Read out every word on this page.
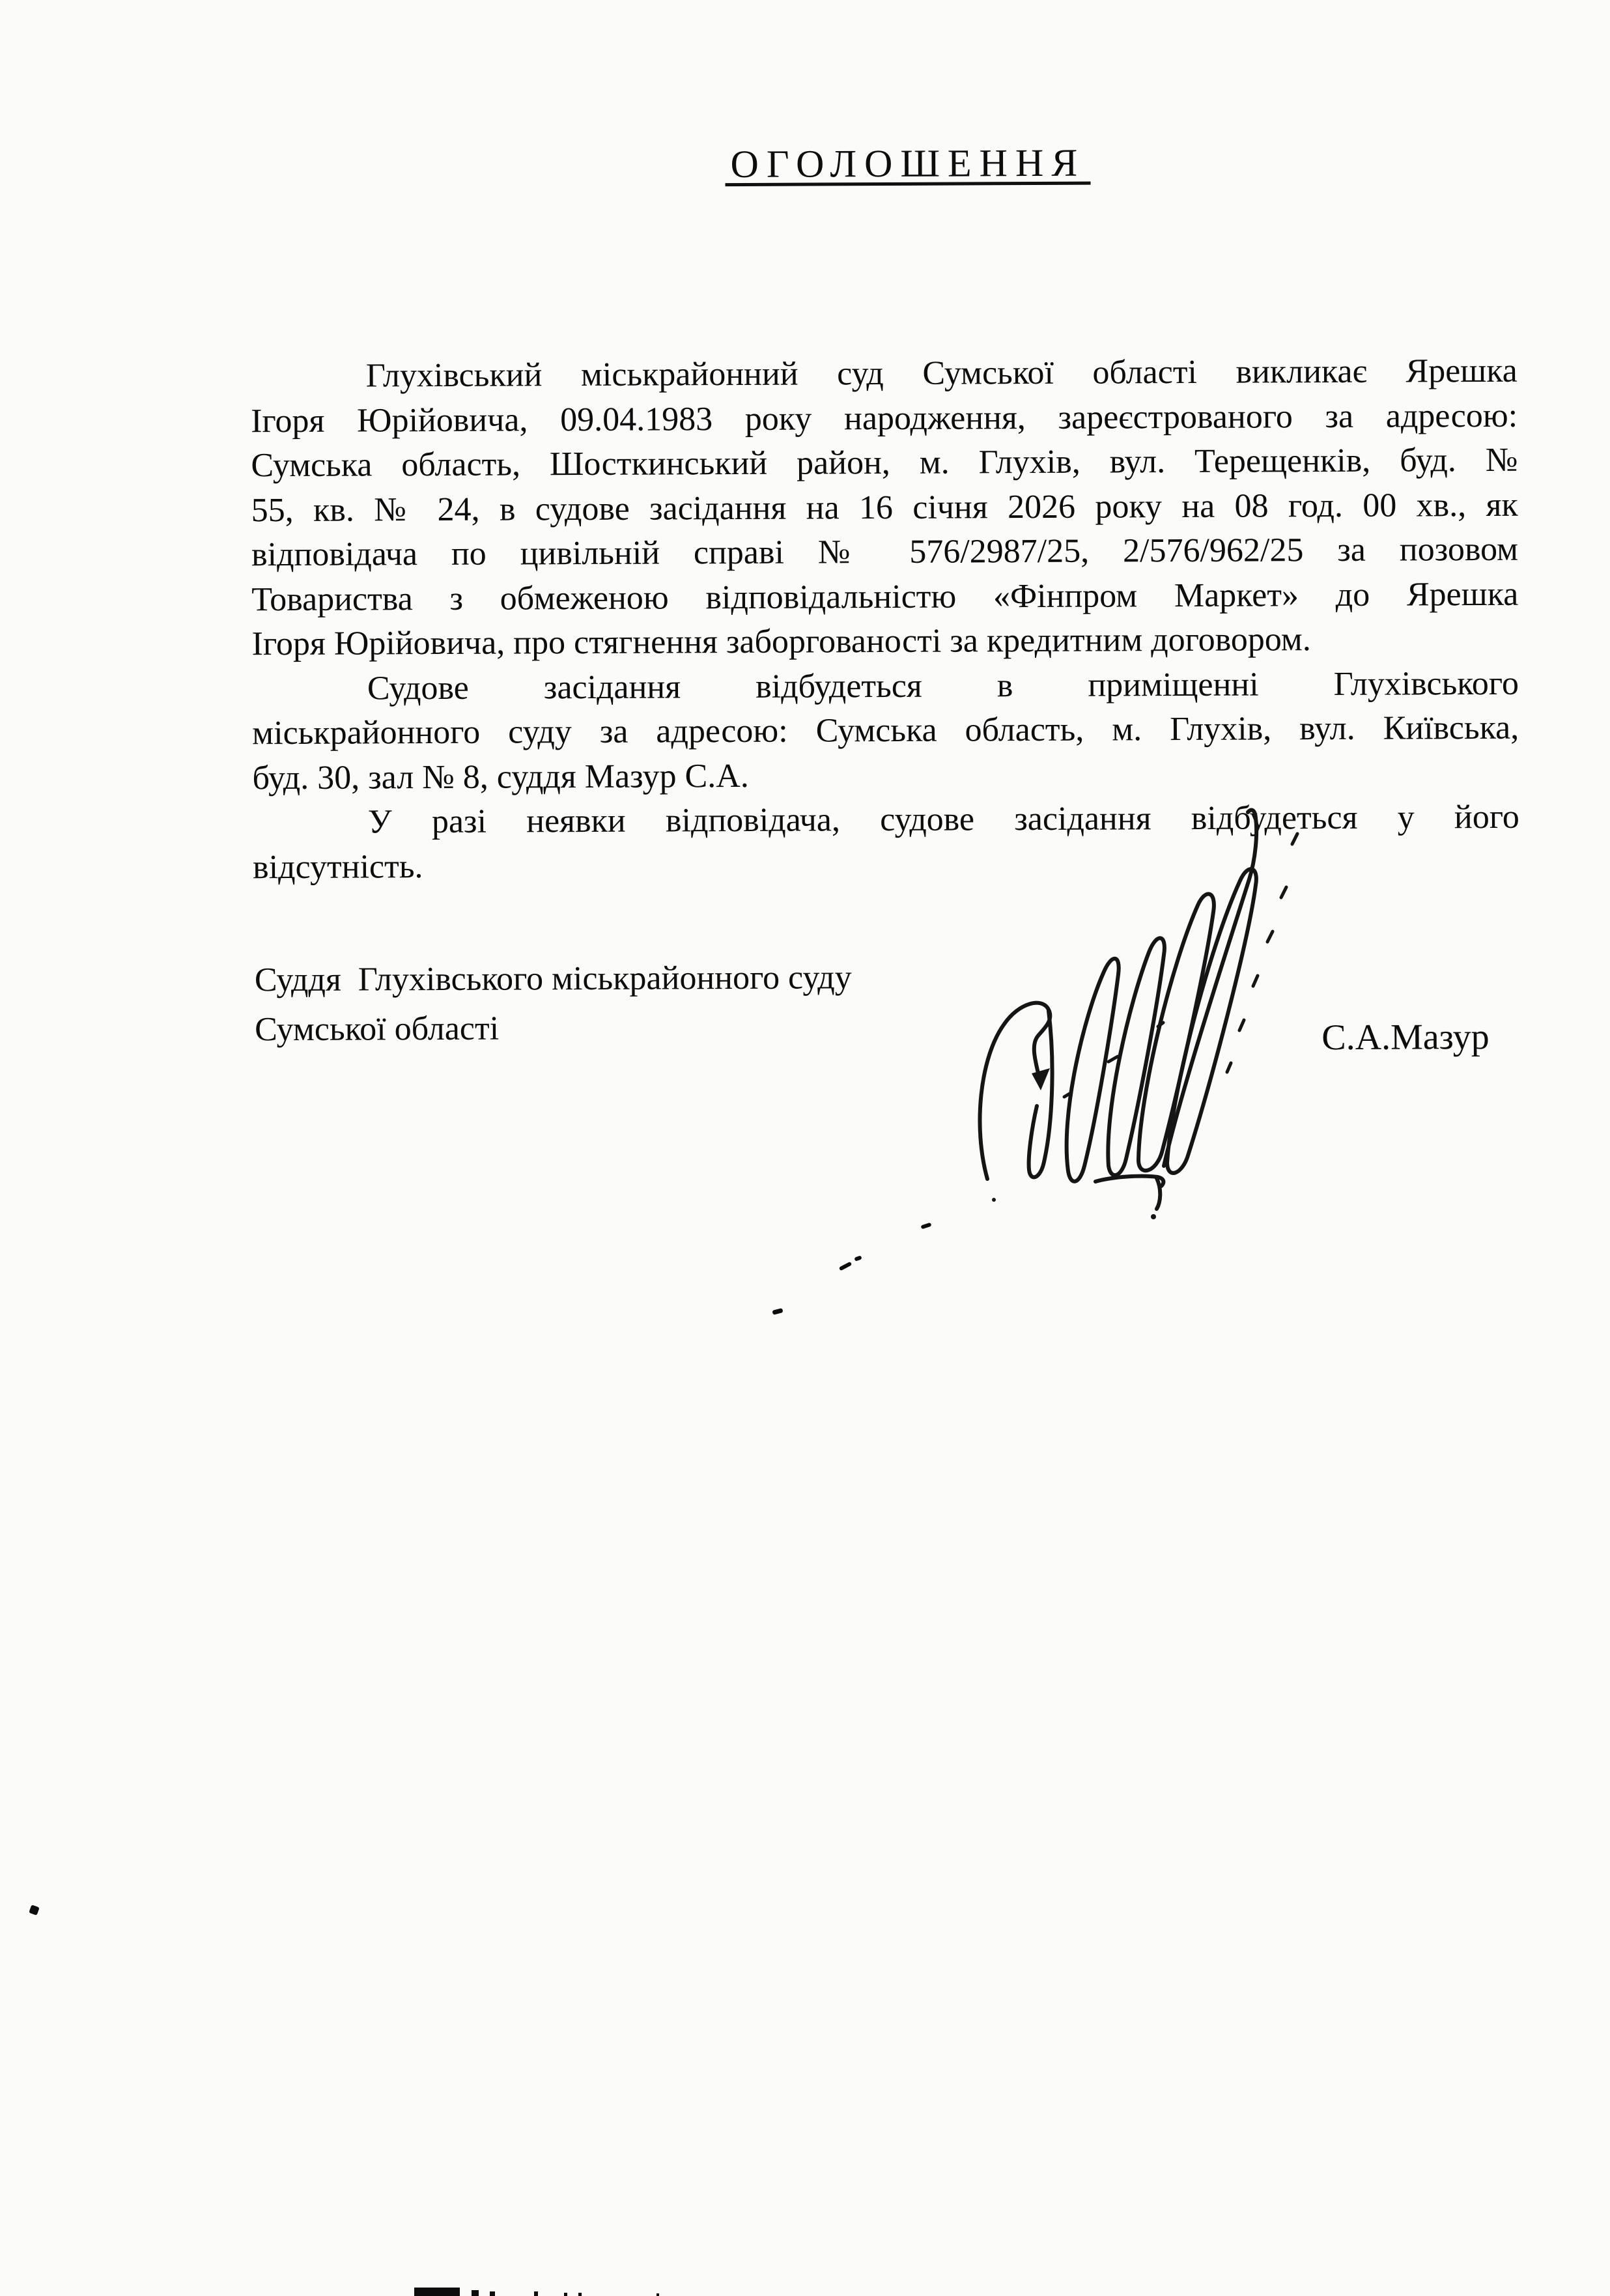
ОГОЛОШЕННЯ
Глухівський міськрайонний суд Сумської області викликає Ярешка
Ігоря Юрійовича, 09.04.1983 року народження, зареєстрованого за адресою:
Сумська область, Шосткинський район, м. Глухів, вул. Терещенків, буд. №
55, кв. № 24, в судове засідання на 16 січня 2026 року на 08 год. 00 хв., як
відповідача по цивільній справі № 576/2987/25, 2/576/962/25 за позовом
Товариства з обмеженою відповідальністю «Фінпром Маркет» до Ярешка
Ігоря Юрійовича, про стягнення заборгованості за кредитним договором.
Судове засідання відбудеться в приміщенні Глухівського
міськрайонного суду за адресою: Сумська область, м. Глухів, вул. Київська,
буд. 30, зал № 8, суддя Мазур С.А.
У разі неявки відповідача, судове засідання відбудеться у його
відсутність.
Суддя  Глухівського міськрайонного суду
Сумської області	С.А.Мазур
